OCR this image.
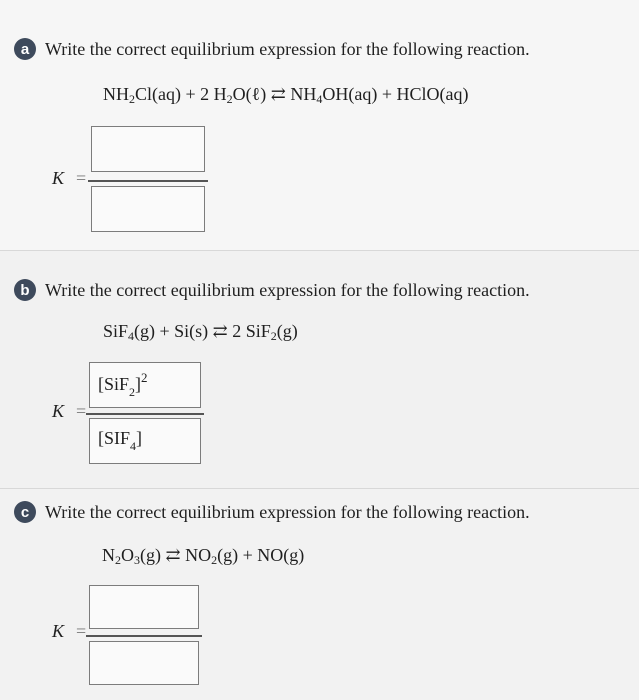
a Write the correct equilibrium expression for the following reaction.
$NH_2Cl(aq) + 2$ $H_2O(\ell)$ ⇄ $NH_4OH(aq)$ + HClO(aq)
K =
b Write the correct equilibrium expression for the following reaction.
SiF$_4$(g) + Si(s) ⇄ 2 SiF$_2$(g)
K =
$[SiF_2]^2$
$[SIF_4]$
c Write the correct equilibrium expression for the following reaction.
$N_2O_3(g)$ ⇄ $NO_2(g) + NO(g)$
K =
